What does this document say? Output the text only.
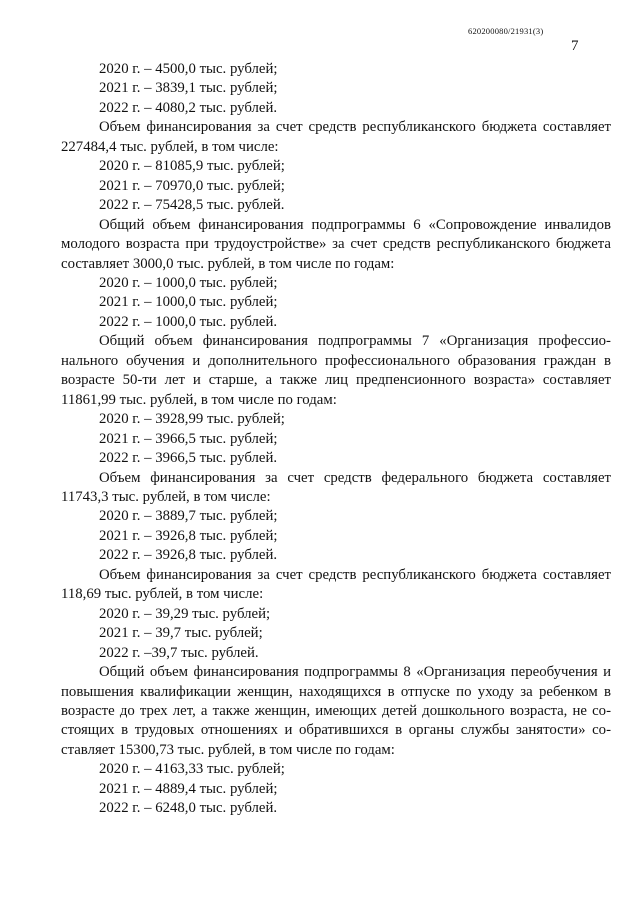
620200080/21931(3)
7

2020 г. – 4500,0 тыс. рублей;

2021 г. – 3839,1 тыс. рублей;

2022 г. – 4080,2 тыс. рублей.

Объем финансирования за счет средств республиканского бюджета составляет
227484,4 тыс. рублей, в том числе:

2020 г. – 81085,9 тыс. рублей;

2021 г. – 70970,0 тыс. рублей;

2022 г. – 75428,5 тыс. рублей.

Общий объем финансирования подпрограммы 6 «Сопровождение инвалидов
молодого возраста при трудоустройстве» за счет средств республиканского бюджета
составляет 3000,0 тыс. рублей, в том числе по годам:

2020 г. – 1000,0 тыс. рублей;

2021 г. – 1000,0 тыс. рублей;

2022 г. – 1000,0 тыс. рублей.

Общий объем финансирования подпрограммы 7 «Организация профессио-
нального обучения и дополнительного профессионального образования граждан в
возрасте 50-ти лет и старше, а также лиц предпенсионного возраста» составляет
11861,99 тыс. рублей, в том числе по годам:

2020 г. – 3928,99 тыс. рублей;

2021 г. – 3966,5 тыс. рублей;

2022 г. – 3966,5 тыс. рублей.

Объем финансирования за счет средств федерального бюджета составляет
11743,3 тыс. рублей, в том числе:

2020 г. – 3889,7 тыс. рублей;

2021 г. – 3926,8 тыс. рублей;

2022 г. – 3926,8 тыс. рублей.

Объем финансирования за счет средств республиканского бюджета составляет
118,69 тыс. рублей, в том числе:

2020 г. – 39,29 тыс. рублей;

2021 г. – 39,7 тыс. рублей;

2022 г. –39,7 тыс. рублей.

Общий объем финансирования подпрограммы 8 «Организация переобучения и
повышения квалификации женщин, находящихся в отпуске по уходу за ребенком в
возрасте до трех лет, а также женщин, имеющих детей дошкольного возраста, не со-
стоящих в трудовых отношениях и обратившихся в органы службы занятости» со-
ставляет 15300,73 тыс. рублей, в том числе по годам:

2020 г. – 4163,33 тыс. рублей;

2021 г. – 4889,4 тыс. рублей;

2022 г. – 6248,0 тыс. рублей.
